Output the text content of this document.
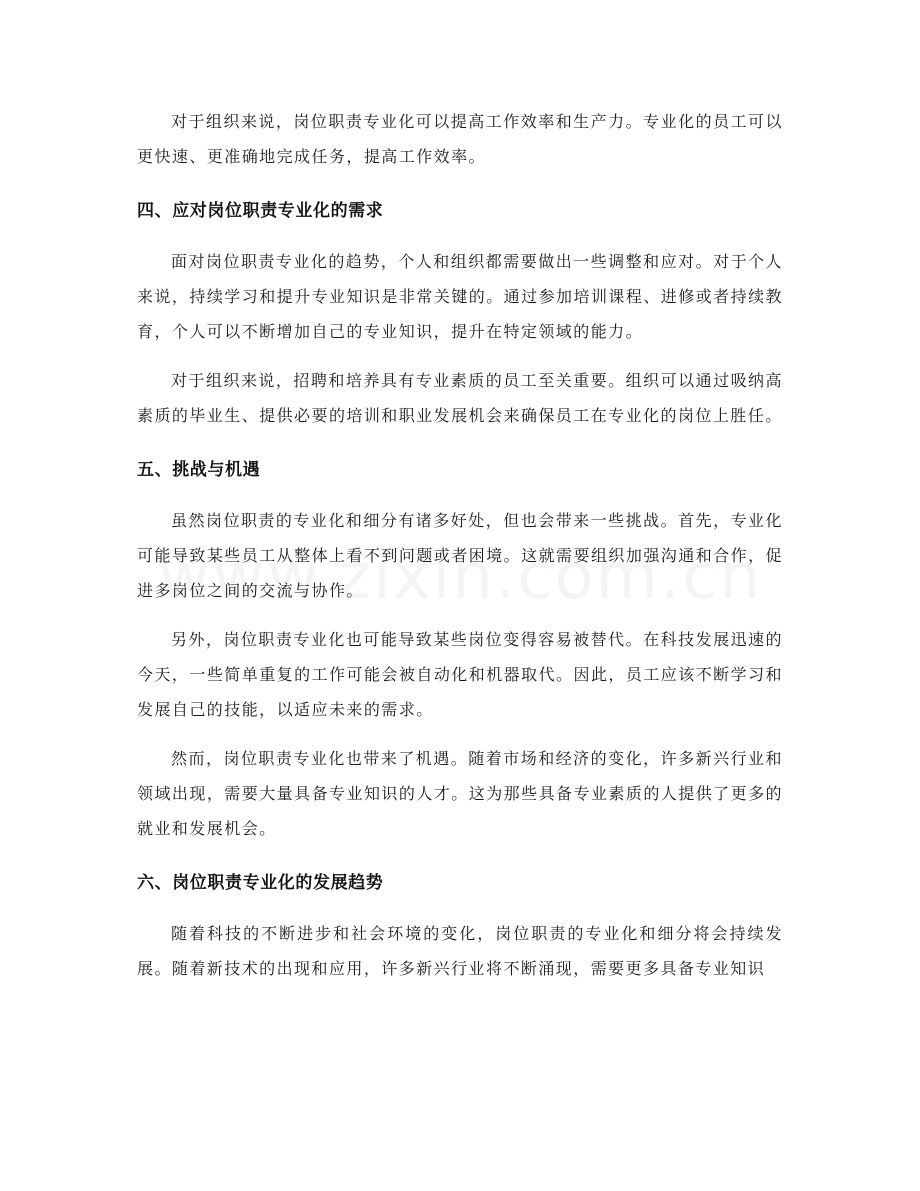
对于组织来说，岗位职责专业化可以提高工作效率和生产力。专业化的员工可以更快速、更准确地完成任务，提高工作效率。

四、应对岗位职责专业化的需求

面对岗位职责专业化的趋势，个人和组织都需要做出一些调整和应对。对于个人来说，持续学习和提升专业知识是非常关键的。通过参加培训课程、进修或者持续教育，个人可以不断增加自己的专业知识，提升在特定领域的能力。

对于组织来说，招聘和培养具有专业素质的员工至关重要。组织可以通过吸纳高素质的毕业生、提供必要的培训和职业发展机会来确保员工在专业化的岗位上胜任。

五、挑战与机遇

虽然岗位职责的专业化和细分有诸多好处，但也会带来一些挑战。首先，专业化可能导致某些员工从整体上看不到问题或者困境。这就需要组织加强沟通和合作，促进多岗位之间的交流与协作。

另外，岗位职责专业化也可能导致某些岗位变得容易被替代。在科技发展迅速的今天，一些简单重复的工作可能会被自动化和机器取代。因此，员工应该不断学习和发展自己的技能，以适应未来的需求。

然而，岗位职责专业化也带来了机遇。随着市场和经济的变化，许多新兴行业和领域出现，需要大量具备专业知识的人才。这为那些具备专业素质的人提供了更多的就业和发展机会。

六、岗位职责专业化的发展趋势

随着科技的不断进步和社会环境的变化，岗位职责的专业化和细分将会持续发展。随着新技术的出现和应用，许多新兴行业将不断涌现，需要更多具备专业知识
